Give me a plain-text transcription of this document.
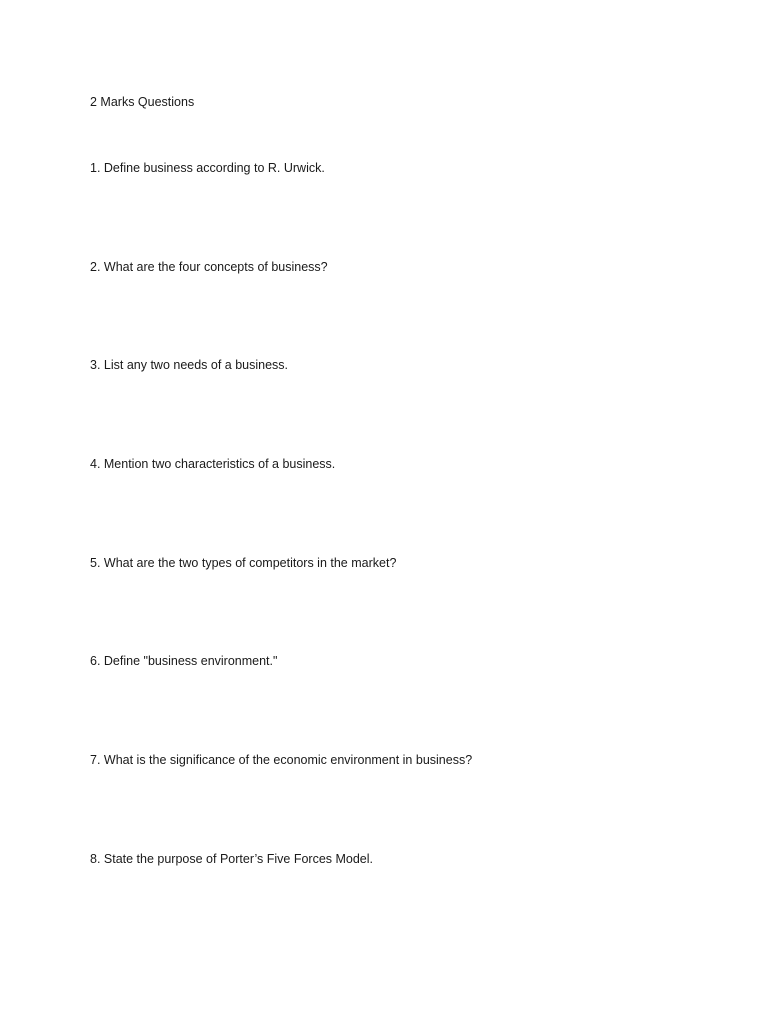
2 Marks Questions
1. Define business according to R. Urwick.
2. What are the four concepts of business?
3. List any two needs of a business.
4. Mention two characteristics of a business.
5. What are the two types of competitors in the market?
6. Define "business environment."
7. What is the significance of the economic environment in business?
8. State the purpose of Porter’s Five Forces Model.
